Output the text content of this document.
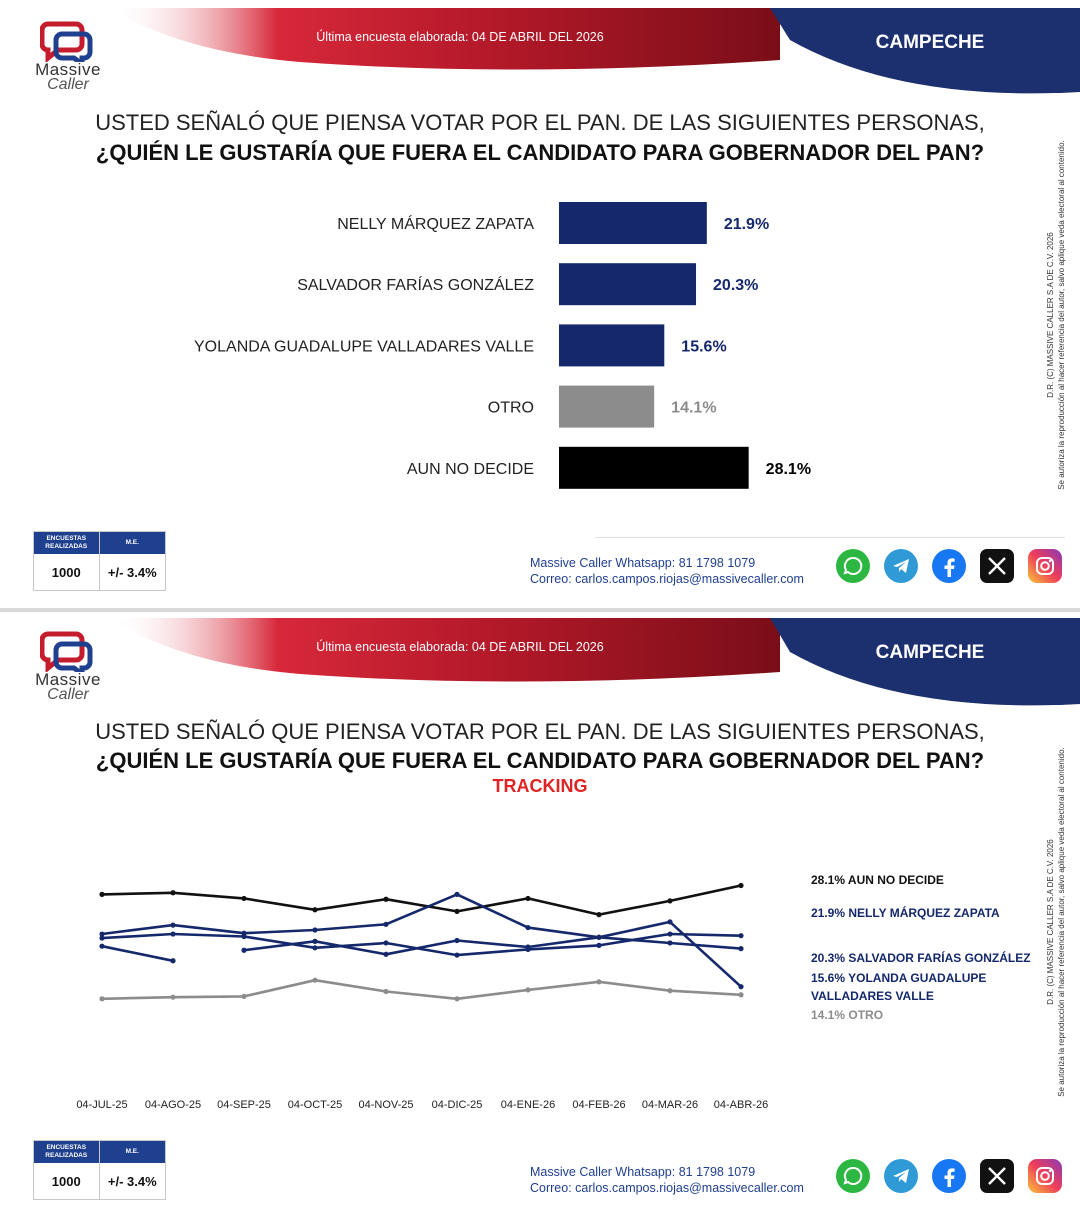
Massive
Caller
Última encuesta elaborada: 04 DE ABRIL DEL 2026	CAMPECHE
USTED SEÑALÓ QUE PIENSA VOTAR POR EL PAN. DE LAS SIGUIENTES PERSONAS,
¿QUIÉN LE GUSTARÍA QUE FUERA EL CANDIDATO PARA GOBERNADOR DEL PAN?
NELLY MÁRQUEZ ZAPATA	21.9%
SALVADOR FARÍAS GONZÁLEZ	20.3%
YOLANDA GUADALUPE VALLADARES VALLE	15.6%
OTRO	14.1%
AUN NO DECIDE	28.1%
D.R. (C) MASSIVE CALLER S.A DE C.V. 2026 Se autoriza la reproducción al hacer referencia del autor, salvo aplique veda electoral al contenido.
ENCUESTAS REALIZADAS
M.E.
1000	+/- 3.4%
Massive Caller Whatsapp: 81 1798 1079
Correo: carlos.campos.riojas@massivecaller.com
Massive
Caller
Última encuesta elaborada: 04 DE ABRIL DEL 2026	CAMPECHE
USTED SEÑALÓ QUE PIENSA VOTAR POR EL PAN. DE LAS SIGUIENTES PERSONAS,
¿QUIÉN LE GUSTARÍA QUE FUERA EL CANDIDATO PARA GOBERNADOR DEL PAN?
TRACKING
04-JUL-25 04-AGO-25 04-SEP-25 04-OCT-25 04-NOV-25 04-DIC-25 04-ENE-26 04-FEB-26 04-MAR-26 04-ABR-26
28.1% AUN NO DECIDE
21.9% NELLY MÁRQUEZ ZAPATA
20.3% SALVADOR FARÍAS GONZÁLEZ
15.6% YOLANDA GUADALUPE
VALLADARES VALLE
14.1% OTRO
D.R. (C) MASSIVE CALLER S.A DE C.V. 2026 Se autoriza la reproducción al hacer referencia del autor, salvo aplique veda electoral al contenido.
ENCUESTAS REALIZADAS
M.E.
1000	+/- 3.4%
Massive Caller Whatsapp: 81 1798 1079
Correo: carlos.campos.riojas@massivecaller.com
